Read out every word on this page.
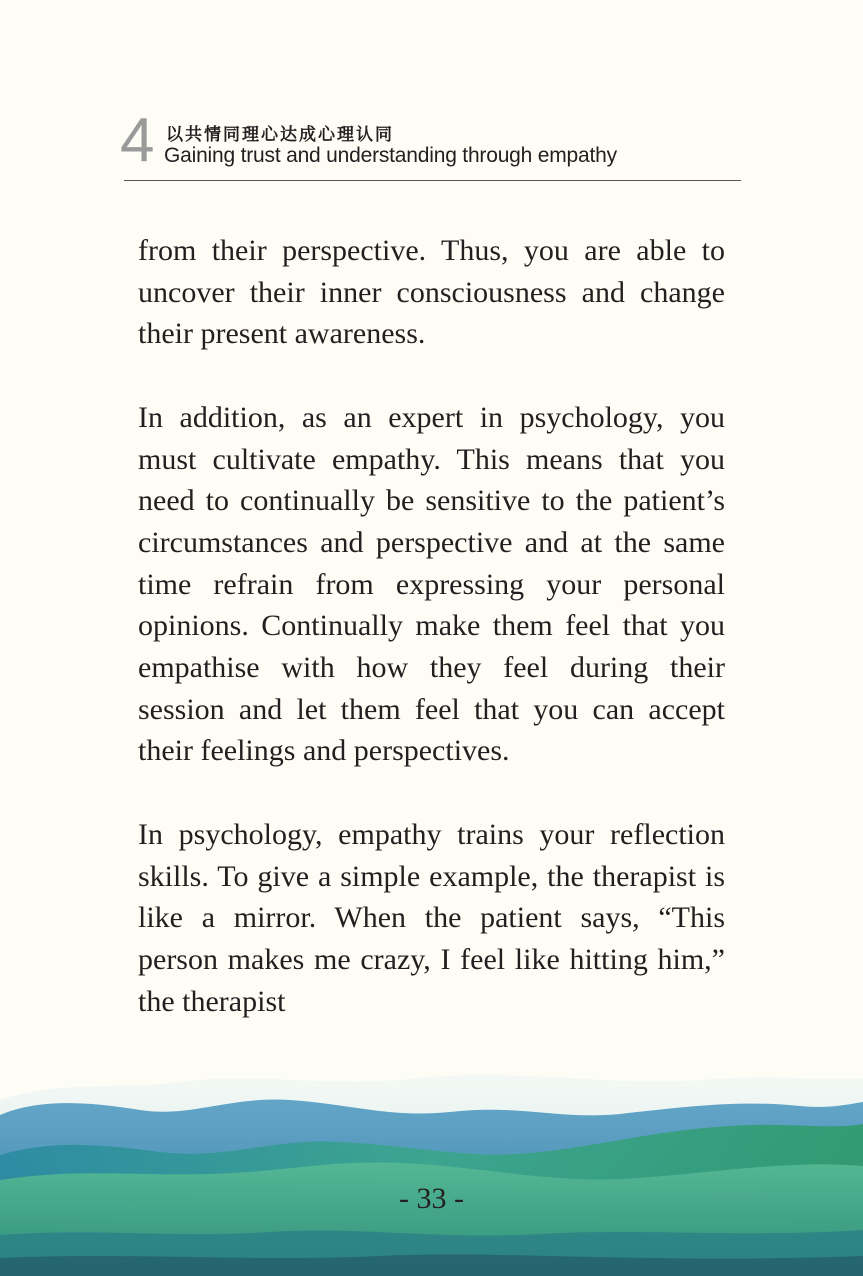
4 以共情同理心达成心理认同
Gaining trust and understanding through empathy

from their perspective. Thus, you are able to uncover their inner consciousness and change their present awareness.

In addition, as an expert in psychology, you must cultivate empathy. This means that you need to continually be sensitive to the patient’s circumstances and perspective and at the same time refrain from expressing your personal opinions. Continually make them feel that you empathise with how they feel during their session and let them feel that you can accept their feelings and perspectives.

In psychology, empathy trains your reflection skills. To give a simple example, the therapist is like a mirror. When the patient says, “This person makes me crazy, I feel like hitting him,” the therapist

- 33 -
